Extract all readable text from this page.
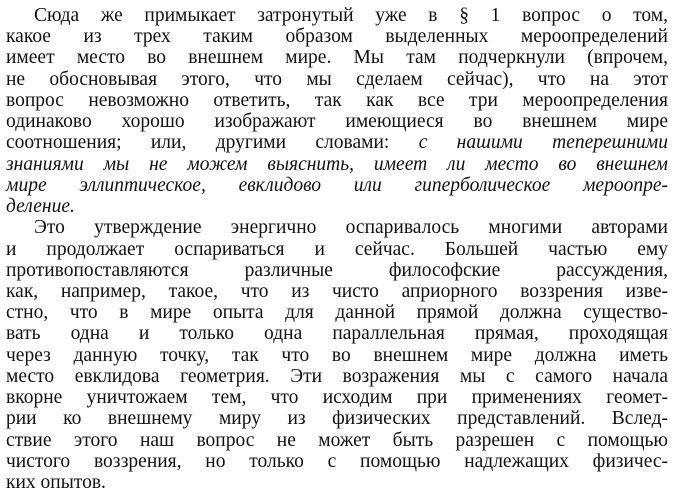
Сюда же примыкает затронутый уже в § 1 вопрос о том,
какое из трех таким образом выделенных мероопределений
имеет место во внешнем мире. Мы там подчеркнули (впрочем,
не обосновывая этого, что мы сделаем сейчас), что на этот
вопрос невозможно ответить, так как все три мероопределения
одинаково хорошо изображают имеющиеся во внешнем мире
соотношения; или, другими словами: с нашими теперешними
знаниями мы не можем выяснить, имеет ли место во внешнем
мире эллиптическое, евклидово или гиперболическое мероопре-
деление.
Это утверждение энергично оспаривалось многими авторами
и продолжает оспариваться и сейчас. Большей частью ему
противопоставляются различные философские рассуждения,
как, например, такое, что из чисто априорного воззрения изве-
стно, что в мире опыта для данной прямой должна существо-
вать одна и только одна параллельная прямая, проходящая
через данную точку, так что во внешнем мире должна иметь
место евклидова геометрия. Эти возражения мы с самого начала
вкорне уничтожаем тем, что исходим при применениях геомет-
рии ко внешнему миру из физических представлений. Вслед-
ствие этого наш вопрос не может быть разрешен с помощью
чистого воззрения, но только с помощью надлежащих физичес-
ких опытов.
